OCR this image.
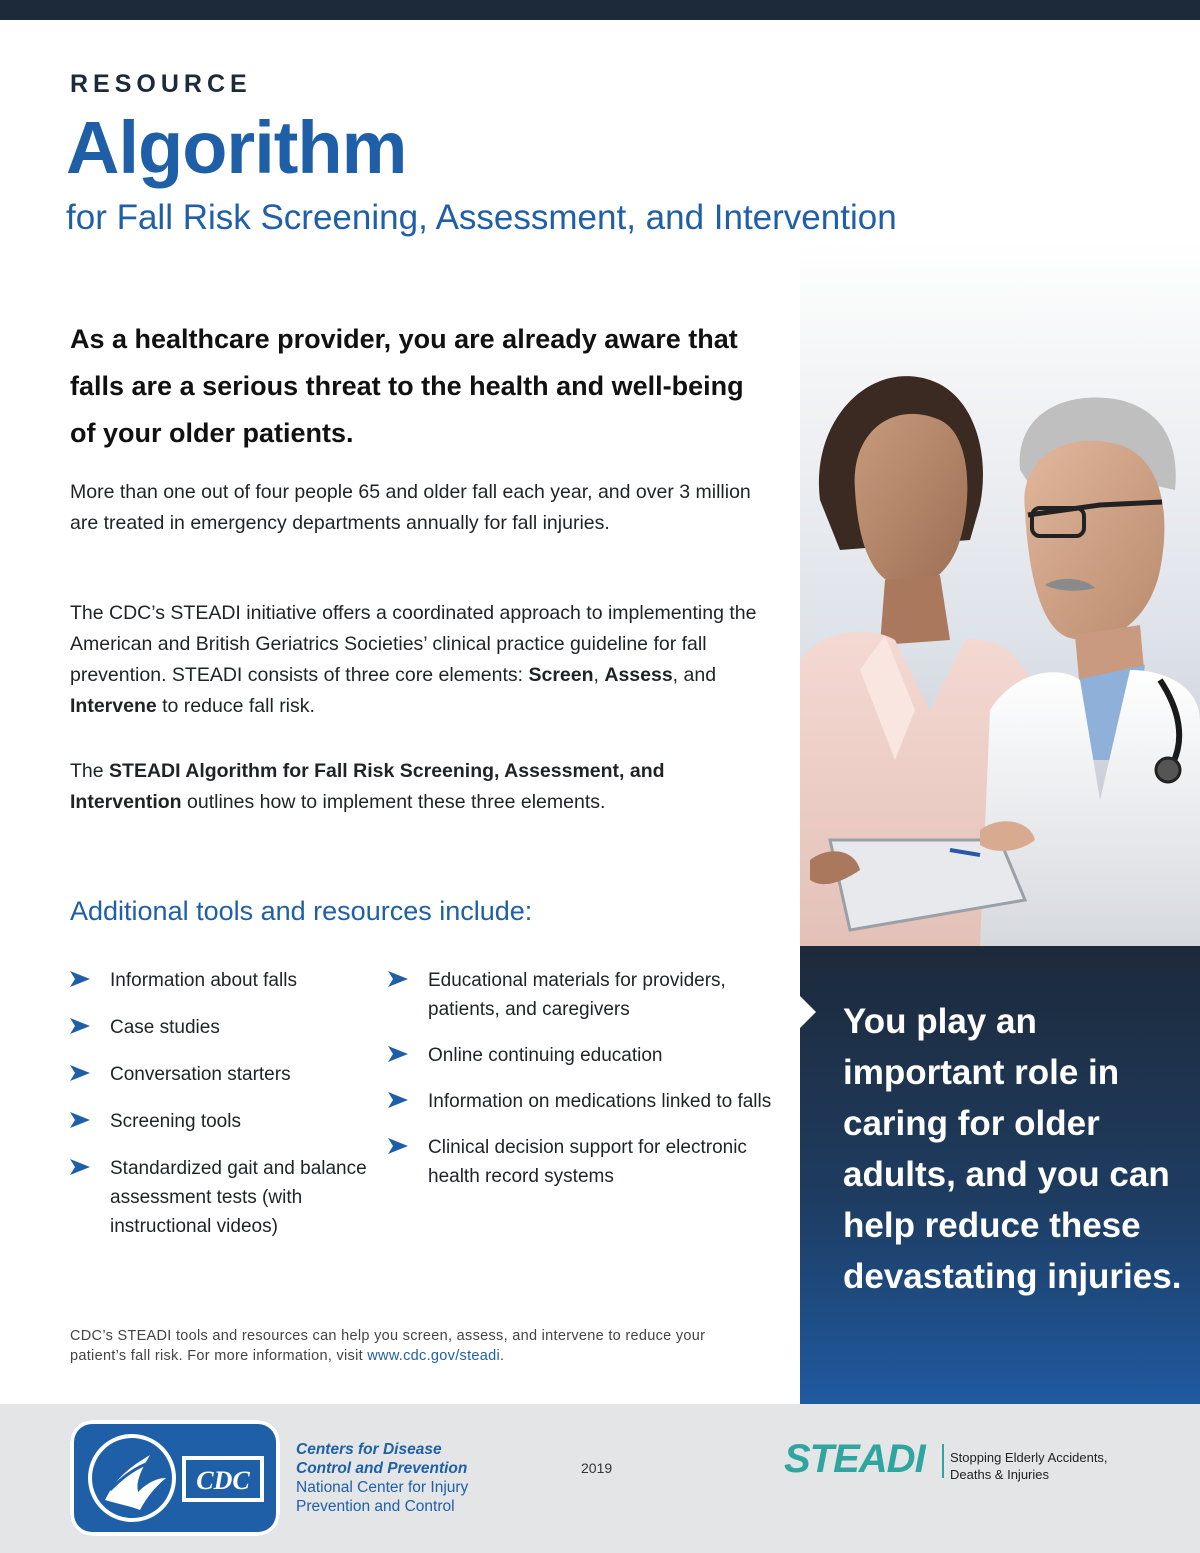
RESOURCE

Algorithm
for Fall Risk Screening, Assessment, and Intervention

As a healthcare provider, you are already aware that falls are a serious threat to the health and well-being of your older patients.

More than one out of four people 65 and older fall each year, and over 3 million are treated in emergency departments annually for fall injuries.

The CDC’s STEADI initiative offers a coordinated approach to implementing the American and British Geriatrics Societies’ clinical practice guideline for fall prevention. STEADI consists of three core elements: Screen, Assess, and Intervene to reduce fall risk.

The STEADI Algorithm for Fall Risk Screening, Assessment, and Intervention outlines how to implement these three elements.

Additional tools and resources include:
Information about falls
Case studies
Conversation starters
Screening tools
Standardized gait and balance assessment tests (with instructional videos)
Educational materials for providers, patients, and caregivers
Online continuing education
Information on medications linked to falls
Clinical decision support for electronic health record systems

CDC’s STEADI tools and resources can help you screen, assess, and intervene to reduce your patient’s fall risk. For more information, visit www.cdc.gov/steadi.

You play an important role in caring for older adults, and you can help reduce these devastating injuries.

CDC

Centers for Disease
Control and Prevention
National Center for Injury
Prevention and Control

2019	STEADI Stopping Elderly Accidents, Deaths & Injuries
